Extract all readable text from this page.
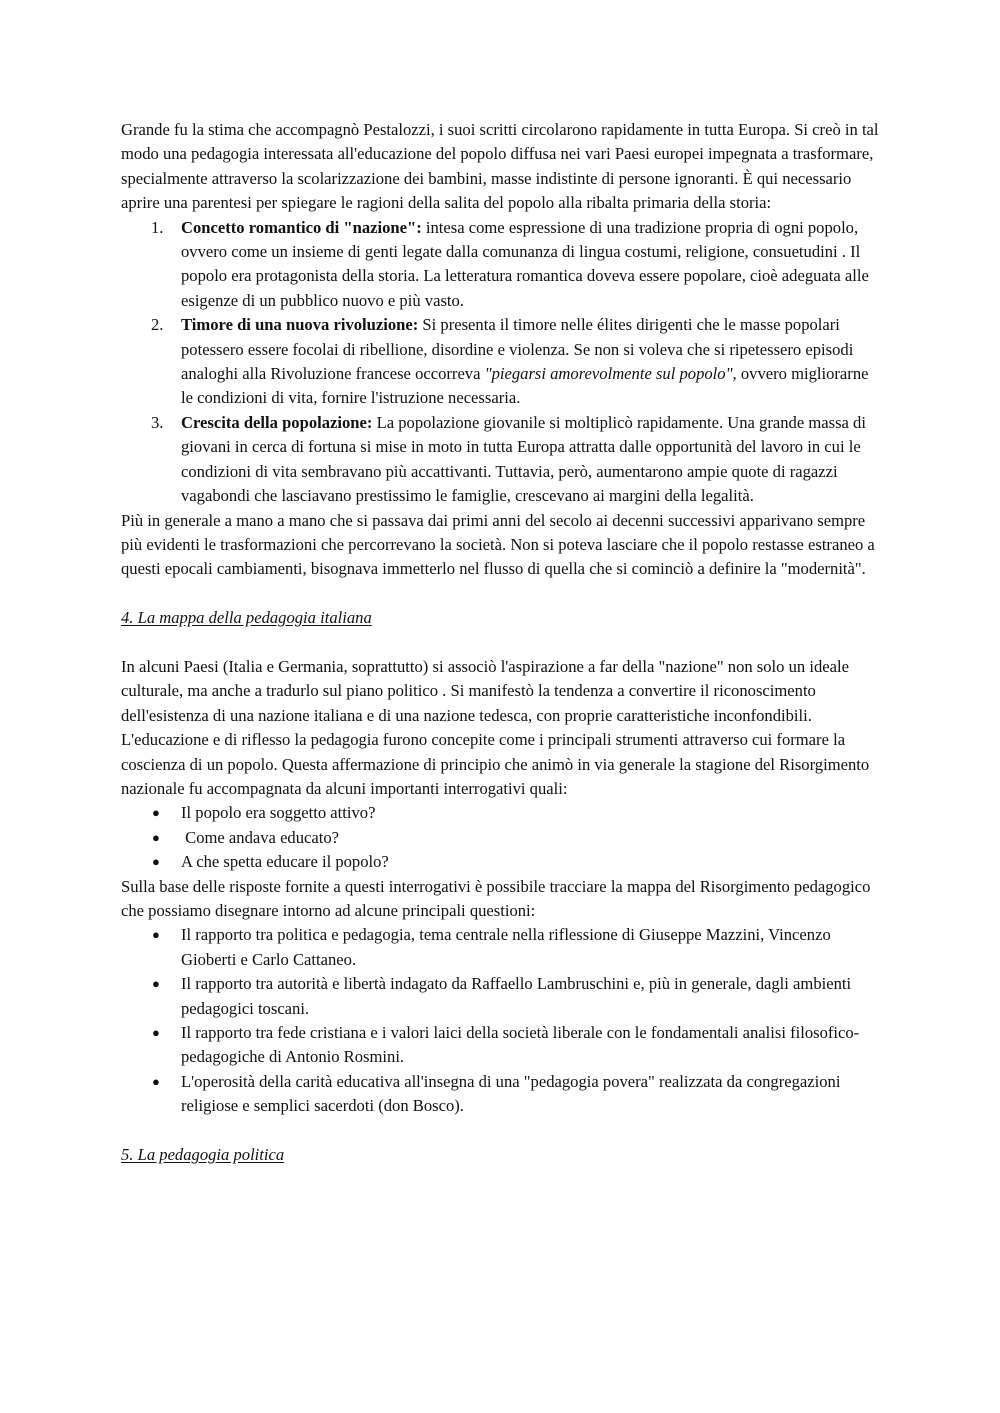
Grande fu la stima che accompagnò Pestalozzi, i suoi scritti circolarono rapidamente in tutta Europa. Si creò in tal modo una pedagogia interessata all'educazione del popolo diffusa nei vari Paesi europei impegnata a trasformare, specialmente attraverso la scolarizzazione dei bambini, masse indistinte di persone ignoranti. È qui necessario aprire una parentesi per spiegare le ragioni della salita del popolo alla ribalta primaria della storia:

1. Concetto romantico di "nazione": intesa come espressione di una tradizione propria di ogni popolo, ovvero come un insieme di genti legate dalla comunanza di lingua costumi, religione, consuetudini . Il popolo era protagonista della storia. La letteratura romantica doveva essere popolare, cioè adeguata alle esigenze di un pubblico nuovo e più vasto.
2. Timore di una nuova rivoluzione: Si presenta il timore nelle élites dirigenti che le masse popolari potessero essere focolai di ribellione, disordine e violenza. Se non si voleva che si ripetessero episodi analoghi alla Rivoluzione francese occorreva "piegarsi amorevolmente sul popolo", ovvero migliorarne le condizioni di vita, fornire l'istruzione necessaria.
3. Crescita della popolazione: La popolazione giovanile si moltiplicò rapidamente. Una grande massa di giovani in cerca di fortuna si mise in moto in tutta Europa attratta dalle opportunità del lavoro in cui le condizioni di vita sembravano più accattivanti. Tuttavia, però, aumentarono ampie quote di ragazzi vagabondi che lasciavano prestissimo le famiglie, crescevano ai margini della legalità.

Più in generale a mano a mano che si passava dai primi anni del secolo ai decenni successivi apparivano sempre più evidenti le trasformazioni che percorrevano la società. Non si poteva lasciare che il popolo restasse estraneo a questi epocali cambiamenti, bisognava immetterlo nel flusso di quella che si cominciò a definire la "modernità".

4. La mappa della pedagogia italiana

In alcuni Paesi (Italia e Germania, soprattutto) si associò l'aspirazione a far della "nazione" non solo un ideale culturale, ma anche a tradurlo sul piano politico . Si manifestò la tendenza a convertire il riconoscimento dell'esistenza di una nazione italiana e di una nazione tedesca, con proprie caratteristiche inconfondibili.

L'educazione e di riflesso la pedagogia furono concepite come i principali strumenti attraverso cui formare la coscienza di un popolo. Questa affermazione di principio che animò in via generale la stagione del Risorgimento nazionale fu accompagnata da alcuni importanti interrogativi quali:

● Il popolo era soggetto attivo?
● Come andava educato?
● A che spetta educare il popolo?

Sulla base delle risposte fornite a questi interrogativi è possibile tracciare la mappa del Risorgimento pedagogico che possiamo disegnare intorno ad alcune principali questioni:

● Il rapporto tra politica e pedagogia, tema centrale nella riflessione di Giuseppe Mazzini, Vincenzo Gioberti e Carlo Cattaneo.
● Il rapporto tra autorità e libertà indagato da Raffaello Lambruschini e, più in generale, dagli ambienti pedagogici toscani.
● Il rapporto tra fede cristiana e i valori laici della società liberale con le fondamentali analisi filosofico-pedagogiche di Antonio Rosmini.
● L'operosità della carità educativa all'insegna di una "pedagogia povera" realizzata da congregazioni religiose e semplici sacerdoti (don Bosco).

5. La pedagogia politica
